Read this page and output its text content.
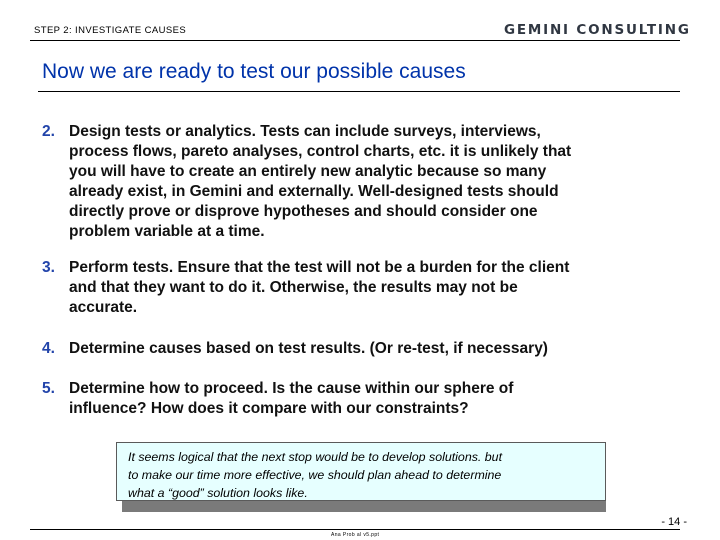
STEP 2: INVESTIGATE CAUSES	GEMINI CONSULTING
Now we are ready to test our possible causes
2. Design tests or analytics. Tests can include surveys, interviews,
process flows, pareto analyses, control charts, etc. it is unlikely that
you will have to create an entirely new analytic because so many
already exist, in Gemini and externally. Well-designed tests should
directly prove or disprove hypotheses and should consider one
problem variable at a time.
3. Perform tests. Ensure that the test will not be a burden for the client
and that they want to do it. Otherwise, the results may not be
accurate.
4. Determine causes based on test results. (Or re-test, if necessary)
5. Determine how to proceed. Is the cause within our sphere of
influence? How does it compare with our constraints?
It seems logical that the next stop would be to develop solutions. but
to make our time more effective, we should plan ahead to determine
what a “good” solution looks like.
- 14 -
Ana Prob al v5.ppt
